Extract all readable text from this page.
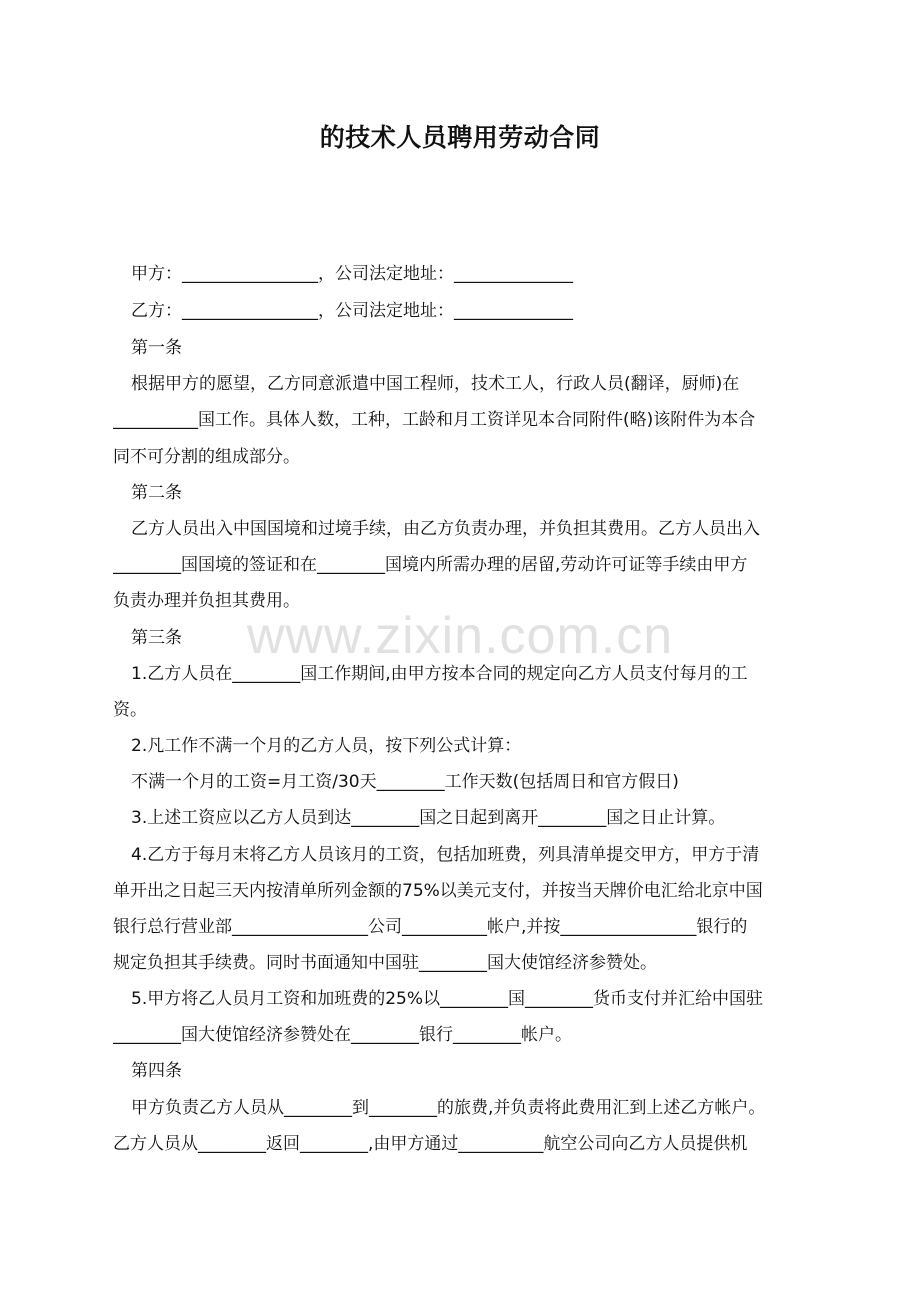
的技术人员聘用劳动合同
甲方：________________，公司法定地址：______________
乙方：________________，公司法定地址：______________
第一条
根据甲方的愿望，乙方同意派遣中国工程师，技术工人，行政人员(翻译，厨师)在
__________国工作。具体人数，工种，工龄和月工资详见本合同附件(略)该附件为本合
同不可分割的组成部分。
第二条
乙方人员出入中国国境和过境手续，由乙方负责办理，并负担其费用。乙方人员出入
________国国境的签证和在________国境内所需办理的居留,劳动许可证等手续由甲方
负责办理并负担其费用。
第三条
1.乙方人员在________国工作期间,由甲方按本合同的规定向乙方人员支付每月的工
资。
2.凡工作不满一个月的乙方人员，按下列公式计算：
不满一个月的工资=月工资/30天________工作天数(包括周日和官方假日)
3.上述工资应以乙方人员到达________国之日起到离开________国之日止计算。
4.乙方于每月末将乙方人员该月的工资，包括加班费，列具清单提交甲方，甲方于清
单开出之日起三天内按清单所列金额的75%以美元支付，并按当天牌价电汇给北京中国
银行总行营业部________________公司__________帐户,并按________________银行的
规定负担其手续费。同时书面通知中国驻________国大使馆经济参赞处。
5.甲方将乙人员月工资和加班费的25%以________国________货币支付并汇给中国驻
________国大使馆经济参赞处在________银行________帐户。
第四条
甲方负责乙方人员从________到________的旅费,并负责将此费用汇到上述乙方帐户。
乙方人员从________返回________,由甲方通过__________航空公司向乙方人员提供机
www.zixin.com.cn
